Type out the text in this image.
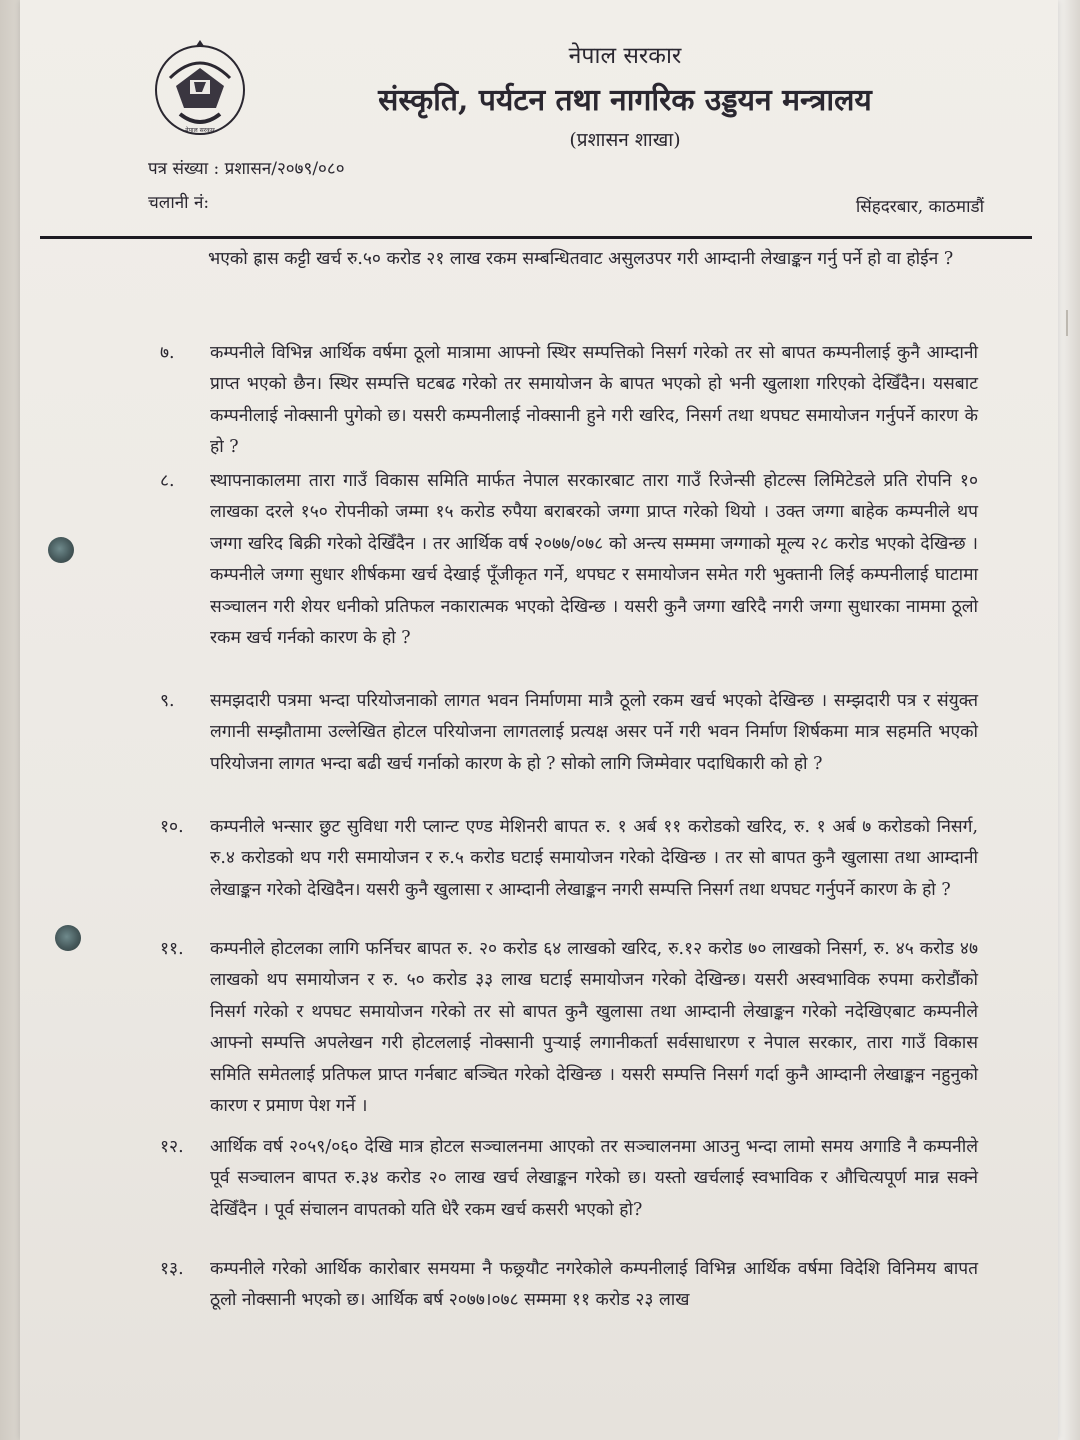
नेपाल सरकार
नेपाल सरकार
संस्कृति, पर्यटन तथा नागरिक उड्डयन मन्त्रालय
(प्रशासन शाखा)
पत्र संख्या : प्रशासन/२०७९/०८०
चलानी नं:	सिंहदरबार, काठमाडौं
भएको ह्रास कट्टी खर्च रु.५० करोड २१ लाख रकम सम्बन्धितवाट असुलउपर गरी आम्दानी लेखाङ्कन गर्नु पर्ने हो वा होईन ?
७.	कम्पनीले विभिन्न आर्थिक वर्षमा ठूलो मात्रामा आफ्नो स्थिर सम्पत्तिको निसर्ग गरेको तर सो बापत कम्पनीलाई कुनै आम्दानी प्राप्त भएको छैन। स्थिर सम्पत्ति घटबढ गरेको तर समायोजन के बापत भएको हो भनी खुलाशा गरिएको देखिँदैन। यसबाट कम्पनीलाई नोक्सानी पुगेको छ। यसरी कम्पनीलाई नोक्सानी हुने गरी खरिद, निसर्ग तथा थपघट समायोजन गर्नुपर्ने कारण के हो ?
८.	स्थापनाकालमा तारा गाउँ विकास समिति मार्फत नेपाल सरकारबाट तारा गाउँ रिजेन्सी होटल्स लिमिटेडले प्रति रोपनि १० लाखका दरले १५० रोपनीको जम्मा १५ करोड रुपैया बराबरको जग्गा प्राप्त गरेको थियो । उक्त जग्गा बाहेक कम्पनीले थप जग्गा खरिद बिक्री गरेको देखिँदैन । तर आर्थिक वर्ष २०७७/०७८ को अन्त्य सम्ममा जग्गाको मूल्य २८ करोड भएको देखिन्छ । कम्पनीले जग्गा सुधार शीर्षकमा खर्च देखाई पूँजीकृत गर्ने, थपघट र समायोजन समेत गरी भुक्तानी लिई कम्पनीलाई घाटामा सञ्चालन गरी शेयर धनीको प्रतिफल नकारात्मक भएको देखिन्छ । यसरी कुनै जग्गा खरिदै नगरी जग्गा सुधारका नाममा ठूलो रकम खर्च गर्नको कारण के हो ?
९.	समझदारी पत्रमा भन्दा परियोजनाको लागत भवन निर्माणमा मात्रै ठूलो रकम खर्च भएको देखिन्छ । सम्झदारी पत्र र संयुक्त लगानी सम्झौतामा उल्लेखित होटल परियोजना लागतलाई प्रत्यक्ष असर पर्ने गरी भवन निर्माण शिर्षकमा मात्र सहमति भएको परियोजना लागत भन्दा बढी खर्च गर्नाको कारण के हो ? सोको लागि जिम्मेवार पदाधिकारी को हो ?
१०.	कम्पनीले भन्सार छुट सुविधा गरी प्लान्ट एण्ड मेशिनरी बापत रु. १ अर्ब ११ करोडको खरिद, रु. १ अर्ब ७ करोडको निसर्ग, रु.४ करोडको थप गरी समायोजन र रु.५ करोड घटाई समायोजन गरेको देखिन्छ । तर सो बापत कुनै खुलासा तथा आम्दानी लेखाङ्कन गरेको देखिदैन। यसरी कुनै खुलासा र आम्दानी लेखाङ्कन नगरी सम्पत्ति निसर्ग तथा थपघट गर्नुपर्ने कारण के हो ?
११.	कम्पनीले होटलका लागि फर्निचर बापत रु. २० करोड ६४ लाखको खरिद, रु.१२ करोड ७० लाखको निसर्ग, रु. ४५ करोड ४७ लाखको थप समायोजन र रु. ५० करोड ३३ लाख घटाई समायोजन गरेको देखिन्छ। यसरी अस्वभाविक रुपमा करोडौंको निसर्ग गरेको र थपघट समायोजन गरेको तर सो बापत कुनै खुलासा तथा आम्दानी लेखाङ्कन गरेको नदेखिएबाट कम्पनीले आफ्नो सम्पत्ति अपलेखन गरी होटललाई नोक्सानी पुर्‍याई लगानीकर्ता सर्वसाधारण र नेपाल सरकार, तारा गाउँ विकास समिति समेतलाई प्रतिफल प्राप्त गर्नबाट बञ्चित गरेको देखिन्छ । यसरी सम्पत्ति निसर्ग गर्दा कुनै आम्दानी लेखाङ्कन नहुनुको कारण र प्रमाण पेश गर्ने ।
१२.	आर्थिक वर्ष २०५९/०६० देखि मात्र होटल सञ्चालनमा आएको तर सञ्चालनमा आउनु भन्दा लामो समय अगाडि नै कम्पनीले पूर्व सञ्चालन बापत रु.३४ करोड २० लाख खर्च लेखाङ्कन गरेको छ। यस्तो खर्चलाई स्वभाविक र औचित्यपूर्ण मान्न सक्ने देखिँदैन । पूर्व संचालन वापतको यति धेरै रकम खर्च कसरी भएको हो?
१३.	कम्पनीले गरेको आर्थिक कारोबार समयमा नै फछ्र्यौट नगरेकोले कम्पनीलाई विभिन्न आर्थिक वर्षमा विदेशि विनिमय बापत ठूलो नोक्सानी भएको छ। आर्थिक बर्ष २०७७।०७८ सम्ममा ११ करोड २३ लाख
